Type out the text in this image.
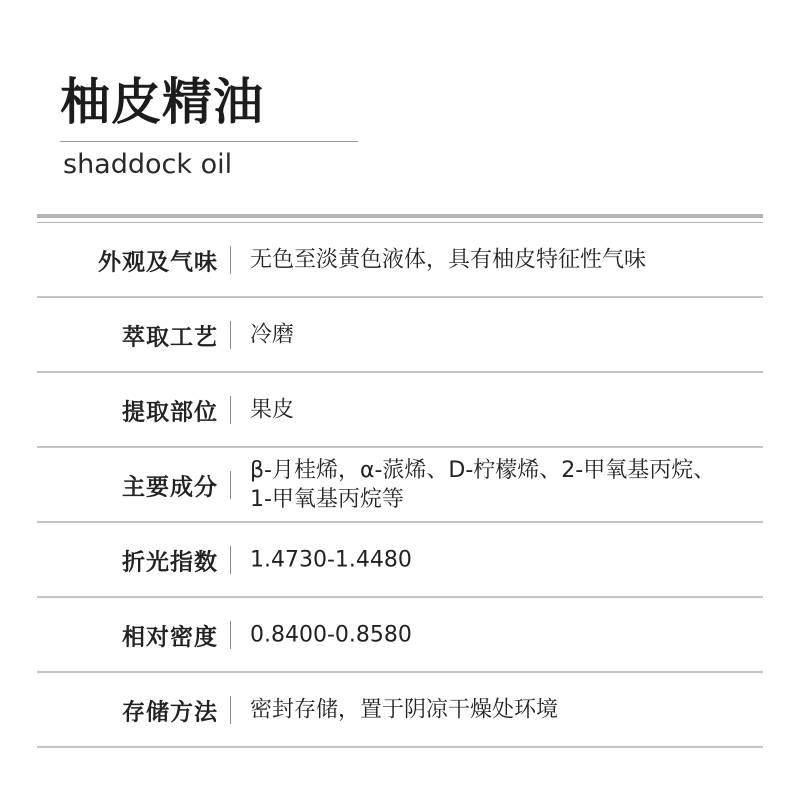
柚皮精油
shaddock oil
外观及气味 无色至淡黄色液体，具有柚皮特征性气味
萃取工艺 冷磨
提取部位 果皮
主要成分
β-月桂烯，α-蒎烯、D-柠檬烯、2-甲氧基丙烷、
1-甲氧基丙烷等
折光指数 1.4730-1.4480
相对密度 0.8400-0.8580
存储方法 密封存储，置于阴凉干燥处环境
